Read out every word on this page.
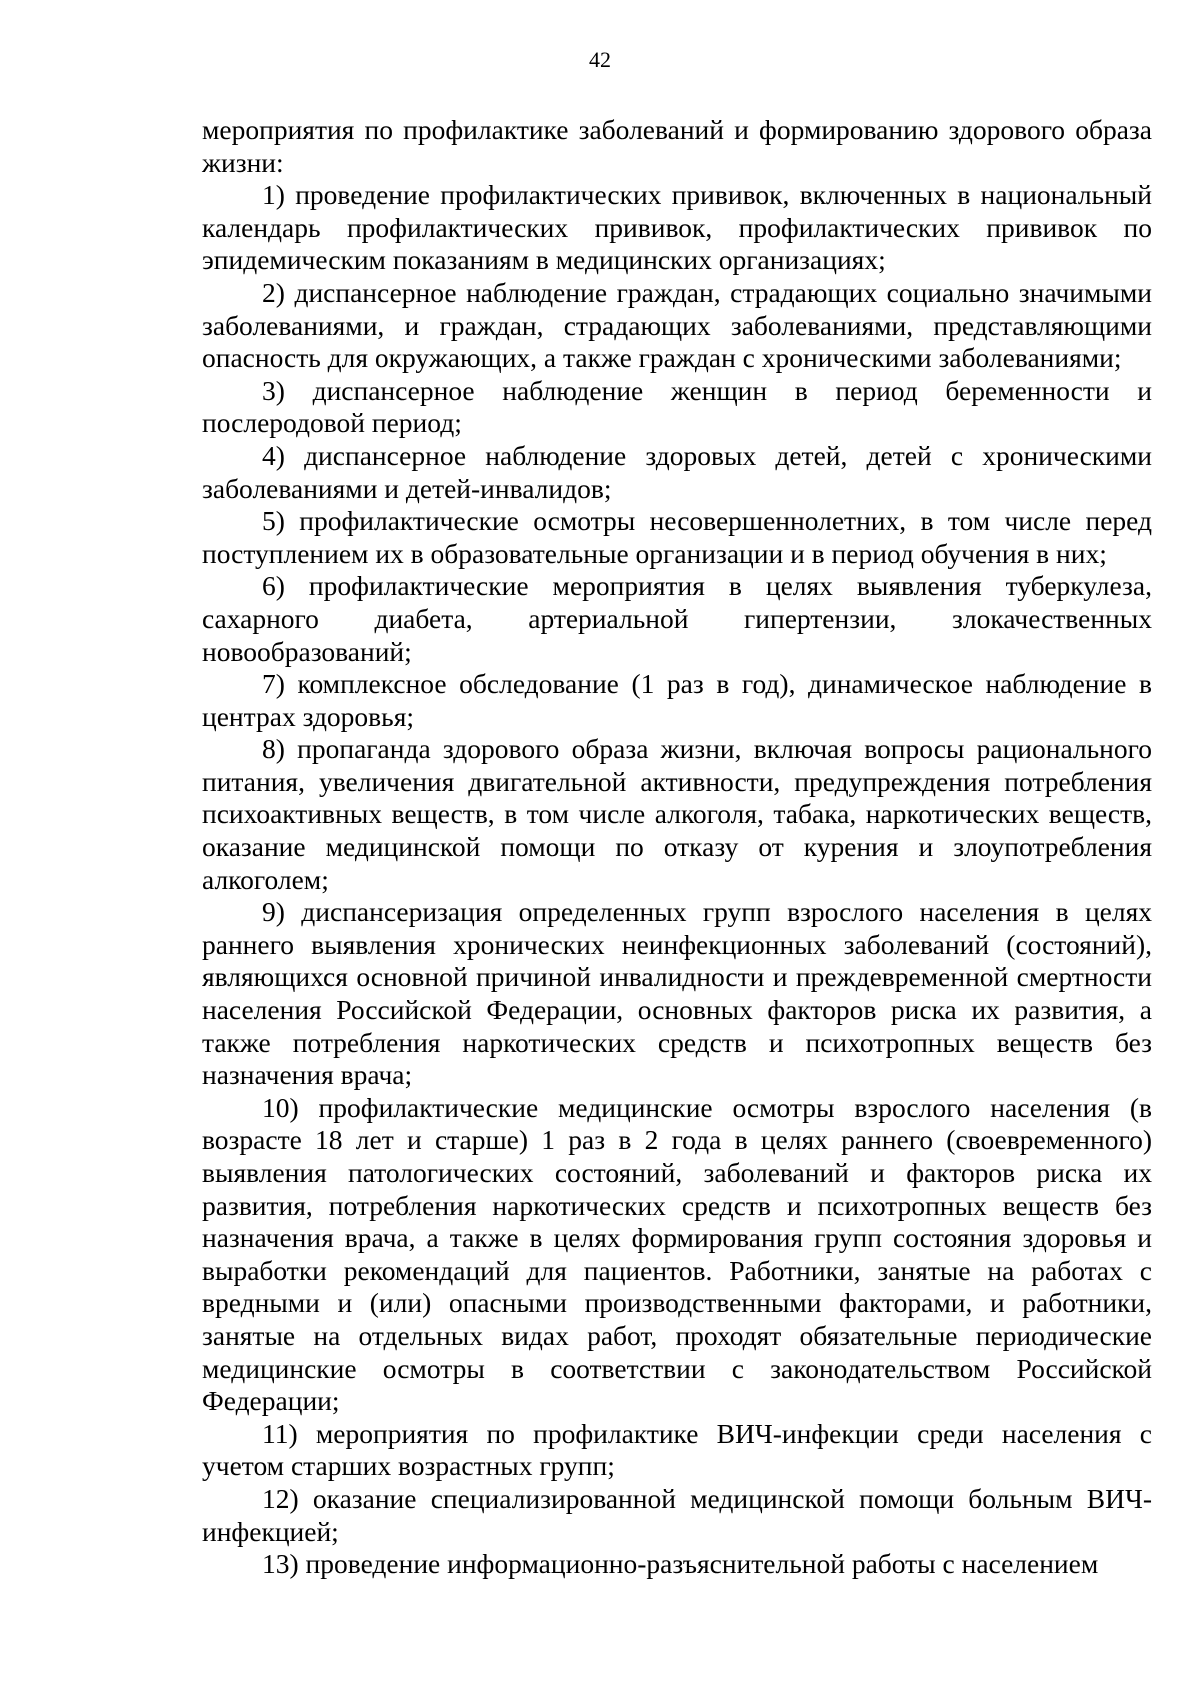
42

мероприятия по профилактике заболеваний и формированию здорового образа жизни:

1) проведение профилактических прививок, включенных в национальный календарь профилактических прививок, профилактических прививок по эпидемическим показаниям в медицинских организациях;

2) диспансерное наблюдение граждан, страдающих социально значимыми заболеваниями, и граждан, страдающих заболеваниями, представляющими опасность для окружающих, а также граждан с хроническими заболеваниями;

3) диспансерное наблюдение женщин в период беременности и послеродовой период;

4) диспансерное наблюдение здоровых детей, детей с хроническими заболеваниями и детей-инвалидов;

5) профилактические осмотры несовершеннолетних, в том числе перед поступлением их в образовательные организации и в период обучения в них;

6) профилактические мероприятия в целях выявления туберкулеза, сахарного диабета, артериальной гипертензии, злокачественных новообразований;

7) комплексное обследование (1 раз в год), динамическое наблюдение в центрах здоровья;

8) пропаганда здорового образа жизни, включая вопросы рационального питания, увеличения двигательной активности, предупреждения потребления психоактивных веществ, в том числе алкоголя, табака, наркотических веществ, оказание медицинской помощи по отказу от курения и злоупотребления алкоголем;

9) диспансеризация определенных групп взрослого населения в целях раннего выявления хронических неинфекционных заболеваний (состояний), являющихся основной причиной инвалидности и преждевременной смертности населения Российской Федерации, основных факторов риска их развития, а также потребления наркотических средств и психотропных веществ без назначения врача;

10) профилактические медицинские осмотры взрослого населения (в возрасте 18 лет и старше) 1 раз в 2 года в целях раннего (своевременного) выявления патологических состояний, заболеваний и факторов риска их развития, потребления наркотических средств и психотропных веществ без назначения врача, а также в целях формирования групп состояния здоровья и выработки рекомендаций для пациентов. Работники, занятые на работах с вредными и (или) опасными производственными факторами, и работники, занятые на отдельных видах работ, проходят обязательные периодические медицинские осмотры в соответствии с законодательством Российской Федерации;

11) мероприятия по профилактике ВИЧ-инфекции среди населения с учетом старших возрастных групп;

12) оказание специализированной медицинской помощи больным ВИЧ-инфекцией;

13) проведение информационно-разъяснительной работы с населением
